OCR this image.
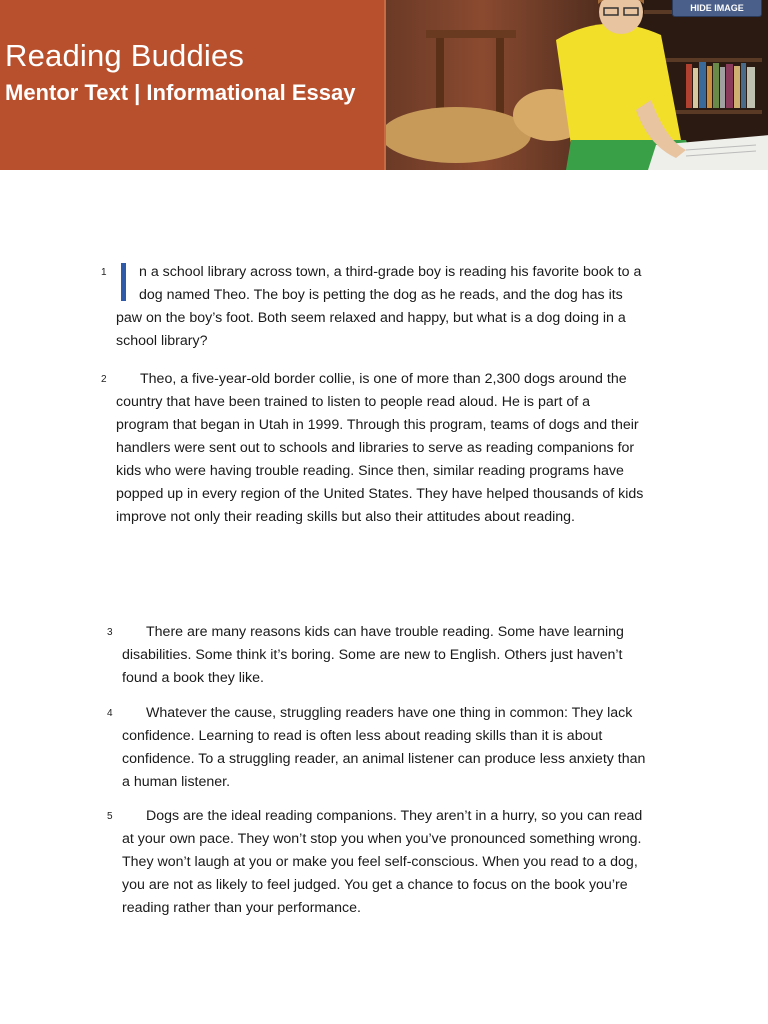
Reading Buddies
Mentor Text | Informational Essay
HIDE IMAGE
1	n a school library across town, a third-grade boy is reading his favorite book to a dog named Theo. The boy is petting the dog as he reads, and the dog has its paw on the boy’s foot. Both seem relaxed and happy, but what is a dog doing in a school library?

2	Theo, a five-year-old border collie, is one of more than 2,300 dogs around the country that have been trained to listen to people read aloud. He is part of a program that began in Utah in 1999. Through this program, teams of dogs and their handlers were sent out to schools and libraries to serve as reading companions for kids who were having trouble reading. Since then, similar reading programs have popped up in every region of the United States. They have helped thousands of kids improve not only their reading skills but also their attitudes about reading.

3	There are many reasons kids can have trouble reading. Some have learning disabilities. Some think it’s boring. Some are new to English. Others just haven’t found a book they like.

4	Whatever the cause, struggling readers have one thing in common: They lack confidence. Learning to read is often less about reading skills than it is about confidence. To a struggling reader, an animal listener can produce less anxiety than a human listener.

5	Dogs are the ideal reading companions. They aren’t in a hurry, so you can read at your own pace. They won’t stop you when you’ve pronounced something wrong. They won’t laugh at you or make you feel self-conscious. When you read to a dog, you are not as likely to feel judged. You get a chance to focus on the book you’re reading rather than your performance.
